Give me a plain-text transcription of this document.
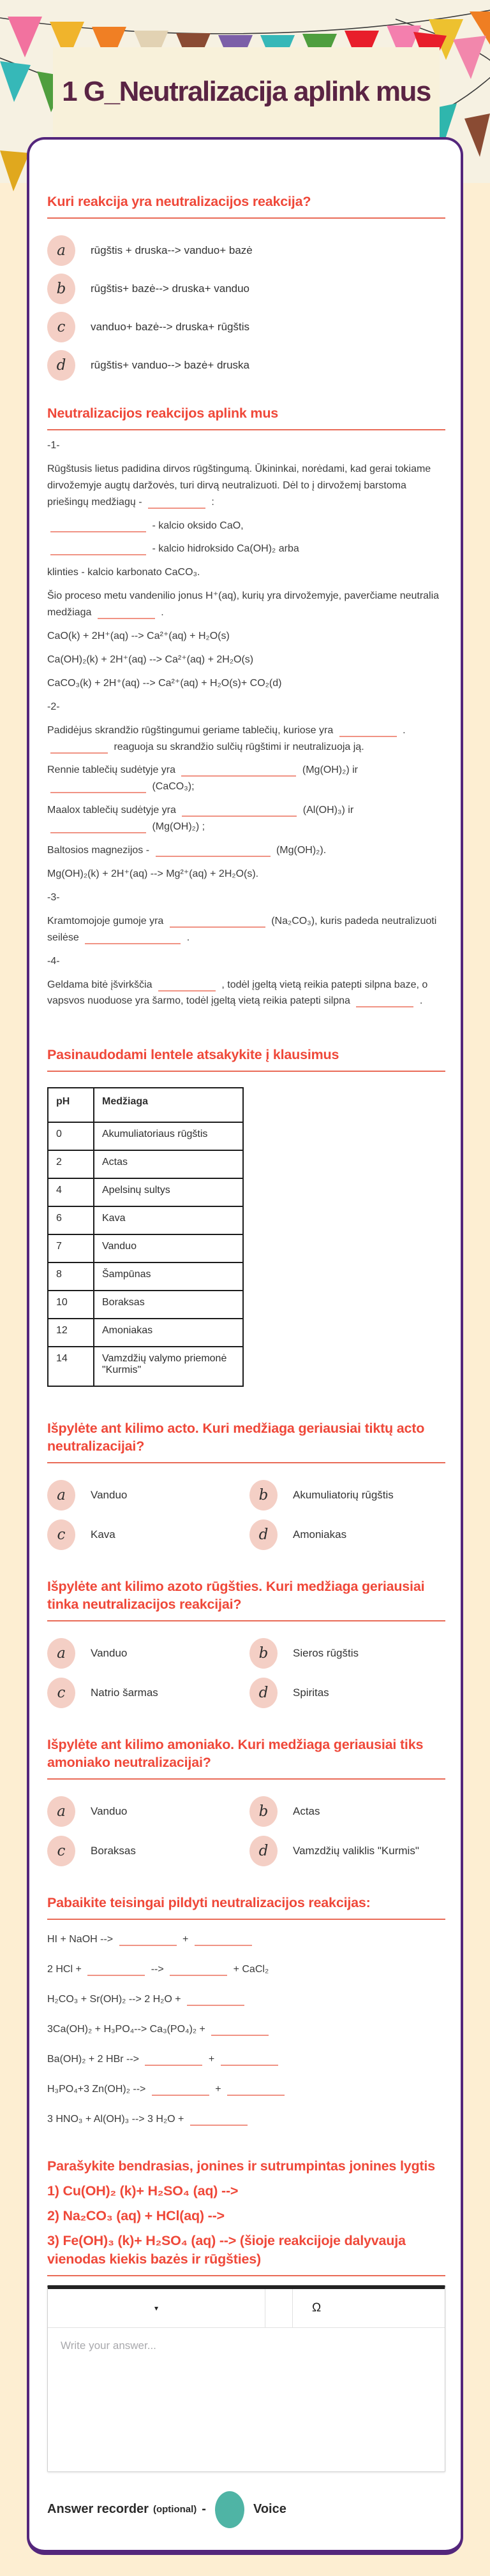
1 G_Neutralizacija aplink mus
Kuri reakcija yra neutralizacijos reakcija?
a	rūgštis + druska--> vanduo+ bazė
b	rūgštis+ bazė--> druska+ vanduo
c	vanduo+ bazė--> druska+ rūgštis
d	rūgštis+ vanduo--> bazė+ druska
Neutralizacijos reakcijos aplink mus

-1-

Rūgštusis lietus padidina dirvos rūgštingumą. Ūkininkai, norėdami, kad gerai tokiame dirvožemyje augtų daržovės, turi dirvą neutralizuoti. Dėl to į dirvožemį barstoma priešingų medžiagų -	:

- kalcio oksido CaO,

- kalcio hidroksido Ca(OH)₂ arba

klinties - kalcio karbonato CaCO₃.

Šio proceso metu vandenilio jonus H⁺(aq), kurių yra dirvožemyje, paverčiame neutralia medžiaga	.

CaO(k) + 2H⁺(aq) --> Ca²⁺(aq) + H₂O(s)

Ca(OH)₂(k) + 2H⁺(aq) --> Ca²⁺(aq) + 2H₂O(s)

CaCO₃(k) + 2H⁺(aq) --> Ca²⁺(aq) + H₂O(s)+ CO₂(d)

-2-

Padidėjus skrandžio rūgštingumui geriame tablečių, kuriose yra	.  reaguoja su skrandžio sulčių rūgštimi ir neutralizuoja ją.

Rennie tablečių sudėtyje yra	(Mg(OH)₂) ir  (CaCO₃);

Maalox tablečių sudėtyje yra	(Al(OH)₃) ir  (Mg(OH)₂) ;

Baltosios magnezijos -	(Mg(OH)₂).

Mg(OH)₂(k) + 2H⁺(aq) --> Mg²⁺(aq) + 2H₂O(s).

-3-

Kramtomojoje gumoje yra	(Na₂CO₃), kuris padeda neutralizuoti seilėse	.

-4-

Geldama bitė įšvirkščia	, todėl įgeltą vietą reikia patepti silpna baze, o vapsvos nuoduose yra šarmo, todėl įgeltą vietą reikia patepti silpna	.

Pasinaudodami lentele atsakykite į klausimus
pH	Medžiaga
0	Akumuliatoriaus rūgštis
2	Actas
4	Apelsinų sultys
6	Kava
7	Vanduo
8	Šampūnas
10	Boraksas
12	Amoniakas
14	Vamzdžių valymo priemonė "Kurmis"
Išpylėte ant kilimo acto. Kuri medžiaga geriausiai tiktų acto neutralizacijai?
a	Vanduo	b	Akumuliatorių rūgštis
c	Kava	d	Amoniakas
Išpylėte ant kilimo azoto rūgšties. Kuri medžiaga geriausiai tinka neutralizacijos reakcijai?
a	Vanduo	b	Sieros rūgštis
c	Natrio šarmas	d	Spiritas
Išpylėte ant kilimo amoniako. Kuri medžiaga geriausiai tiks amoniako neutralizacijai?
a	Vanduo	b	Actas
c	Boraksas	d	Vamzdžių valiklis "Kurmis"
Pabaikite teisingai pildyti neutralizacijos reakcijas:

HI + NaOH -->	+

2 HCl +	-->	+ CaCl₂

H₂CO₃ + Sr(OH)₂ --> 2 H₂O +

3Ca(OH)₂ + H₃PO₄--> Ca₃(PO₄)₂ +

Ba(OH)₂ + 2 HBr -->	+

H₃PO₄+3 Zn(OH)₂ -->	+

3 HNO₃ + Al(OH)₃ --> 3 H₂O +

Parašykite bendrasias, jonines ir sutrumpintas jonines lygtis

1) Cu(OH)₂ (k)+ H₂SO₄ (aq) -->

2) Na₂CO₃ (aq) + HCl(aq) -->

3) Fe(OH)₃ (k)+ H₂SO₄ (aq) --> (šioje reakcijoje dalyvauja vienodas kiekis bazės ir rūgšties)

▾	Ω
Write your answer...
Answer recorder (optional) -	Voice
